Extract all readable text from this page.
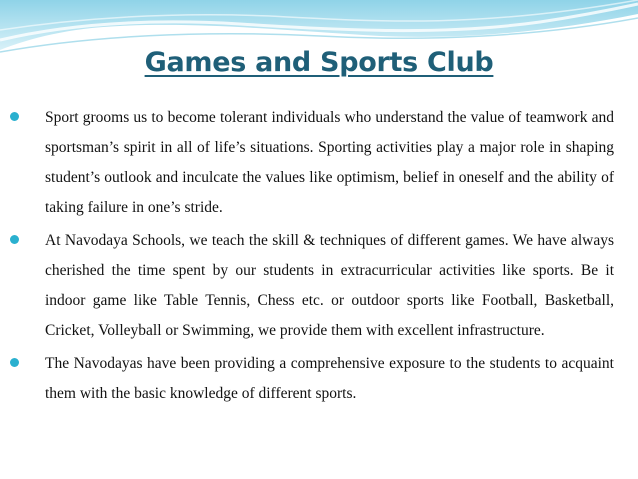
Games and Sports Club
Sport grooms us to become tolerant individuals who understand the value of teamwork and sportsman’s spirit in all of life’s situations. Sporting activities play a major role in shaping student’s outlook and inculcate the values like optimism, belief in oneself and the ability of taking failure in one’s stride.
At Navodaya Schools, we teach the skill & techniques of different games. We have always cherished the time spent by our students in extracurricular activities like sports. Be it indoor game like Table Tennis, Chess etc. or outdoor sports like Football, Basketball, Cricket, Volleyball or Swimming, we provide them with excellent infrastructure.
The Navodayas have been providing a comprehensive exposure to the students to acquaint them with the basic knowledge of different sports.
